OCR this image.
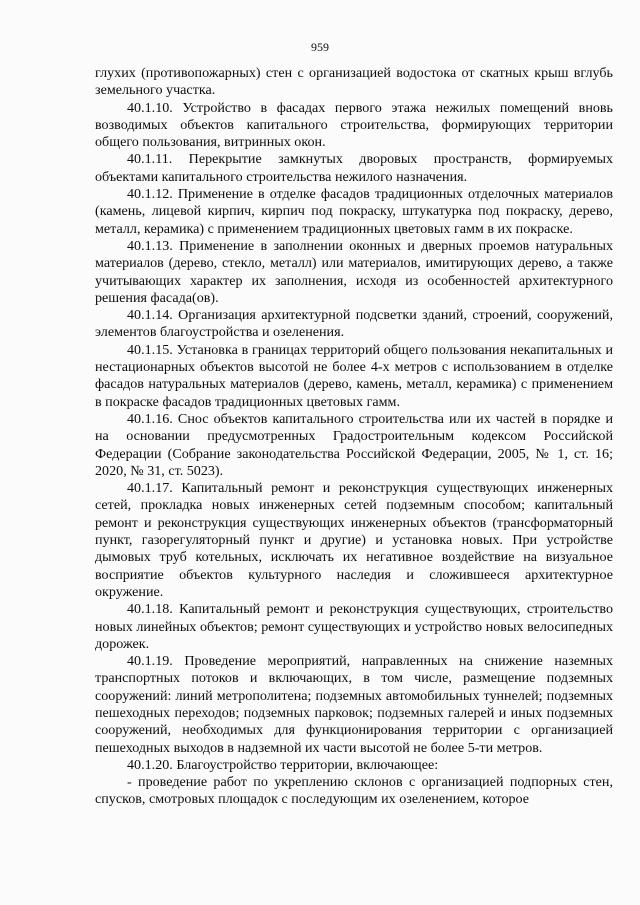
959

глухих (противопожарных) стен с организацией водостока от скатных крыш вглубь земельного участка.

40.1.10. Устройство в фасадах первого этажа нежилых помещений вновь возводимых объектов капитального строительства, формирующих территории общего пользования, витринных окон.

40.1.11. Перекрытие замкнутых дворовых пространств, формируемых объектами капитального строительства нежилого назначения.

40.1.12. Применение в отделке фасадов традиционных отделочных материалов (камень, лицевой кирпич, кирпич под покраску, штукатурка под покраску, дерево, металл, керамика) с применением традиционных цветовых гамм в их покраске.

40.1.13. Применение в заполнении оконных и дверных проемов натуральных материалов (дерево, стекло, металл) или материалов, имитирующих дерево, а также учитывающих характер их заполнения, исходя из особенностей архитектурного решения фасада(ов).

40.1.14. Организация архитектурной подсветки зданий, строений, сооружений, элементов благоустройства и озеленения.

40.1.15. Установка в границах территорий общего пользования некапитальных и нестационарных объектов высотой не более 4-х метров с использованием в отделке фасадов натуральных материалов (дерево, камень, металл, керамика) с применением в покраске фасадов традиционных цветовых гамм.

40.1.16. Снос объектов капитального строительства или их частей в порядке и на основании предусмотренных Градостроительным кодексом Российской Федерации (Собрание законодательства Российской Федерации, 2005, № 1, ст. 16; 2020, № 31, ст. 5023).

40.1.17. Капитальный ремонт и реконструкция существующих инженерных сетей, прокладка новых инженерных сетей подземным способом; капитальный ремонт и реконструкция существующих инженерных объектов (трансформаторный пункт, газорегуляторный пункт и другие) и установка новых. При устройстве дымовых труб котельных, исключать их негативное воздействие на визуальное восприятие объектов культурного наследия и сложившееся архитектурное окружение.

40.1.18. Капитальный ремонт и реконструкция существующих, строительство новых линейных объектов; ремонт существующих и устройство новых велосипедных дорожек.

40.1.19. Проведение мероприятий, направленных на снижение наземных транспортных потоков и включающих, в том числе, размещение подземных сооружений: линий метрополитена; подземных автомобильных туннелей; подземных пешеходных переходов; подземных парковок; подземных галерей и иных подземных сооружений, необходимых для функционирования территории с организацией пешеходных выходов в надземной их части высотой не более 5-ти метров.

40.1.20. Благоустройство территории, включающее:

- проведение работ по укреплению склонов с организацией подпорных стен, спусков, смотровых площадок с последующим их озеленением, которое
